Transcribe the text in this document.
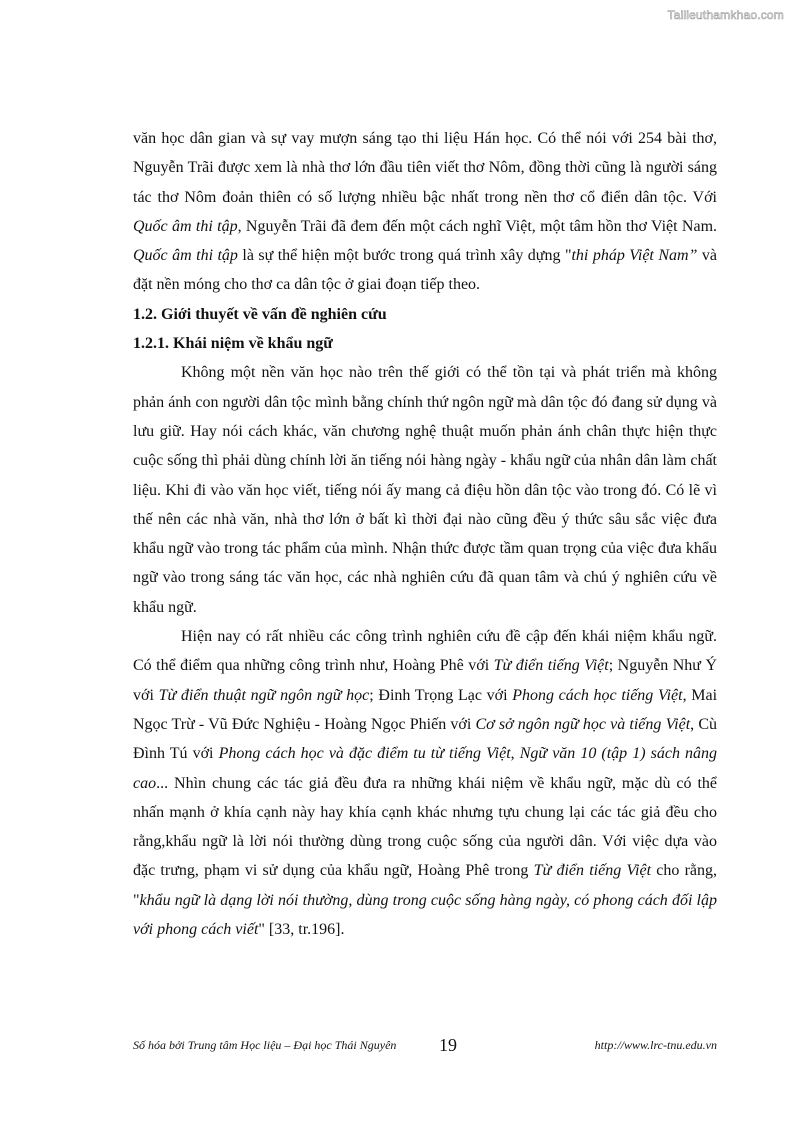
Tailieuthamkhao.com

văn học dân gian và sự vay mượn sáng tạo thi liệu Hán học. Có thể nói với 254 bài thơ, Nguyễn Trãi được xem là nhà thơ lớn đầu tiên viết thơ Nôm, đồng thời cũng là người sáng tác thơ Nôm đoản thiên có số lượng nhiều bậc nhất trong nền thơ cổ điển dân tộc. Với Quốc âm thi tập, Nguyễn Trãi đã đem đến một cách nghĩ Việt, một tâm hồn thơ Việt Nam. Quốc âm thi tập là sự thể hiện một bước trong quá trình xây dựng "thi pháp Việt Nam” và đặt nền móng cho thơ ca dân tộc ở giai đoạn tiếp theo.

1.2. Giới thuyết về vấn đề nghiên cứu

1.2.1. Khái niệm về khẩu ngữ

Không một nền văn học nào trên thế giới có thể tồn tại và phát triển mà không phản ánh con người dân tộc mình bằng chính thứ ngôn ngữ mà dân tộc đó đang sử dụng và lưu giữ. Hay nói cách khác, văn chương nghệ thuật muốn phản ánh chân thực hiện thực cuộc sống thì phải dùng chính lời ăn tiếng nói hàng ngày - khẩu ngữ của nhân dân làm chất liệu. Khi đi vào văn học viết, tiếng nói ấy mang cả điệu hồn dân tộc vào trong đó. Có lẽ vì thế nên các nhà văn, nhà thơ lớn ở bất kì thời đại nào cũng đều ý thức sâu sắc việc đưa khẩu ngữ vào trong tác phẩm của mình. Nhận thức được tầm quan trọng của việc đưa khẩu ngữ vào trong sáng tác văn học, các nhà nghiên cứu đã quan tâm và chú ý nghiên cứu về khẩu ngữ.

Hiện nay có rất nhiều các công trình nghiên cứu đề cập đến khái niệm khẩu ngữ. Có thể điểm qua những công trình như, Hoàng Phê với Từ điển tiếng Việt; Nguyễn Như Ý với Từ điển thuật ngữ ngôn ngữ học; Đinh Trọng Lạc với Phong cách học tiếng Việt, Mai Ngọc Trừ - Vũ Đức Nghiệu - Hoàng Ngọc Phiến với Cơ sở ngôn ngữ học và tiếng Việt, Cù Đình Tú với Phong cách học và đặc điểm tu từ tiếng Việt, Ngữ văn 10 (tập 1) sách nâng cao... Nhìn chung các tác giả đều đưa ra những khái niệm về khẩu ngữ, mặc dù có thể nhấn mạnh ở khía cạnh này hay khía cạnh khác nhưng tựu chung lại các tác giả đều cho rằng,khẩu ngữ là lời nói thường dùng trong cuộc sống của người dân. Với việc dựa vào đặc trưng, phạm vi sử dụng của khẩu ngữ, Hoàng Phê trong Từ điển tiếng Việt cho rằng, "khẩu ngữ là dạng lời nói thường, dùng trong cuộc sống hàng ngày, có phong cách đối lập với phong cách viết" [33, tr.196].

Số hóa bởi Trung tâm Học liệu – Đại học Thái Nguyên 19	http://www.lrc-tnu.edu.vn
